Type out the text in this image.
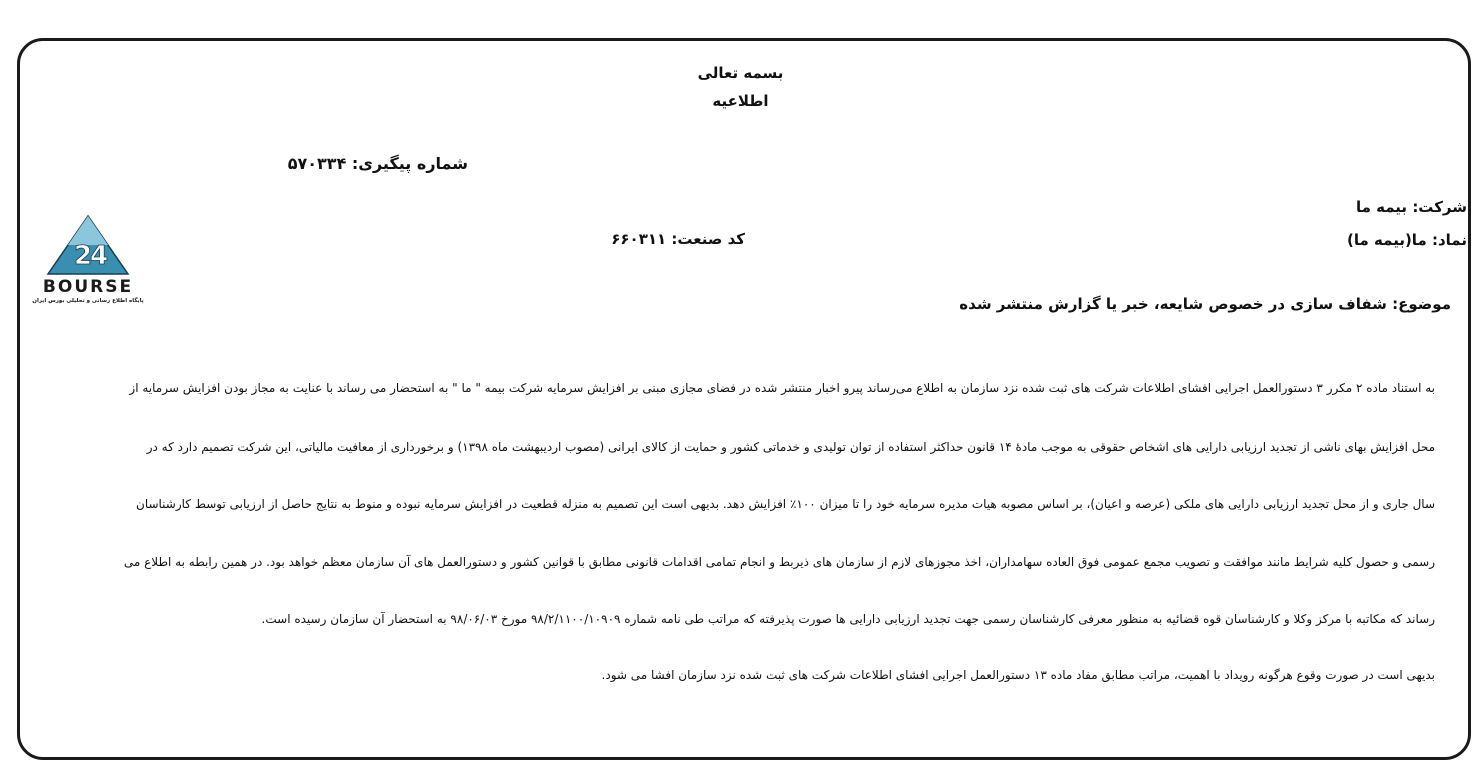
بسمه تعالی
اطلاعیه
شماره پیگیری: ۵۷۰۳۳۴
شرکت: بیمه ما
نماد: ما(بیمه ما)
کد صنعت: ۶۶۰۳۱۱
موضوع: شفاف سازی در خصوص شایعه، خبر یا گزارش منتشر شده
2
4
BOURSE
پایگاه اطلاع رسانی و تحلیلی بورس ایران
به استناد ماده ۲ مکرر ۳ دستورالعمل اجرایی افشای اطلاعات شرکت های ثبت شده نزد سازمان به اطلاع می‌رساند پیرو اخبار منتشر شده در فضای مجازی مبنی بر افزایش سرمایه شرکت بیمه " ما " به استحضار می رساند با عنایت به مجاز بودن افزایش سرمایه از
محل افزایش بهای ناشی از تجدید ارزیابی دارایی های اشخاص حقوقی به موجب مادهٔ ۱۴ قانون حداکثر استفاده از توان تولیدی و خدماتی کشور و حمایت از کالای ایرانی (مصوب اردیبهشت ماه ۱۳۹۸) و برخورداری از معافیت مالیاتی، این شرکت تصمیم دارد که در
سال جاری و از محل تجدید ارزیابی دارایی های ملکی (عرصه و اعیان)، بر اساس مصوبه هیات مدیره سرمایه خود را تا میزان ۱۰۰٪ افزایش دهد. بدیهی است این تصمیم به منزله قطعیت در افزایش سرمایه نبوده و منوط به نتایج حاصل از ارزیابی توسط کارشناسان
رسمی و حصول کلیه شرایط مانند موافقت و تصویب مجمع عمومی فوق العاده سهامداران، اخذ مجوزهای لازم از سازمان های ذیربط و انجام تمامی اقدامات قانونی مطابق با قوانین کشور و دستورالعمل های آن سازمان معظم خواهد بود. در همین رابطه به اطلاع می
رساند که مکاتبه با مرکز وکلا و کارشناسان قوه قضائیه به منظور معرفی کارشناسان رسمی جهت تجدید ارزیابی دارایی ها صورت پذیرفته که مراتب طی نامه شماره ۹۸/۲/۱۱۰۰/۱۰۹۰۹ مورخ ۹۸/۰۶/۰۳ به استحضار آن سازمان رسیده است.
بدیهی است در صورت وقوع هرگونه رویداد با اهمیت، مراتب مطابق مفاد ماده ۱۳ دستورالعمل اجرایی افشای اطلاعات شرکت های ثبت شده نزد سازمان افشا می شود.
